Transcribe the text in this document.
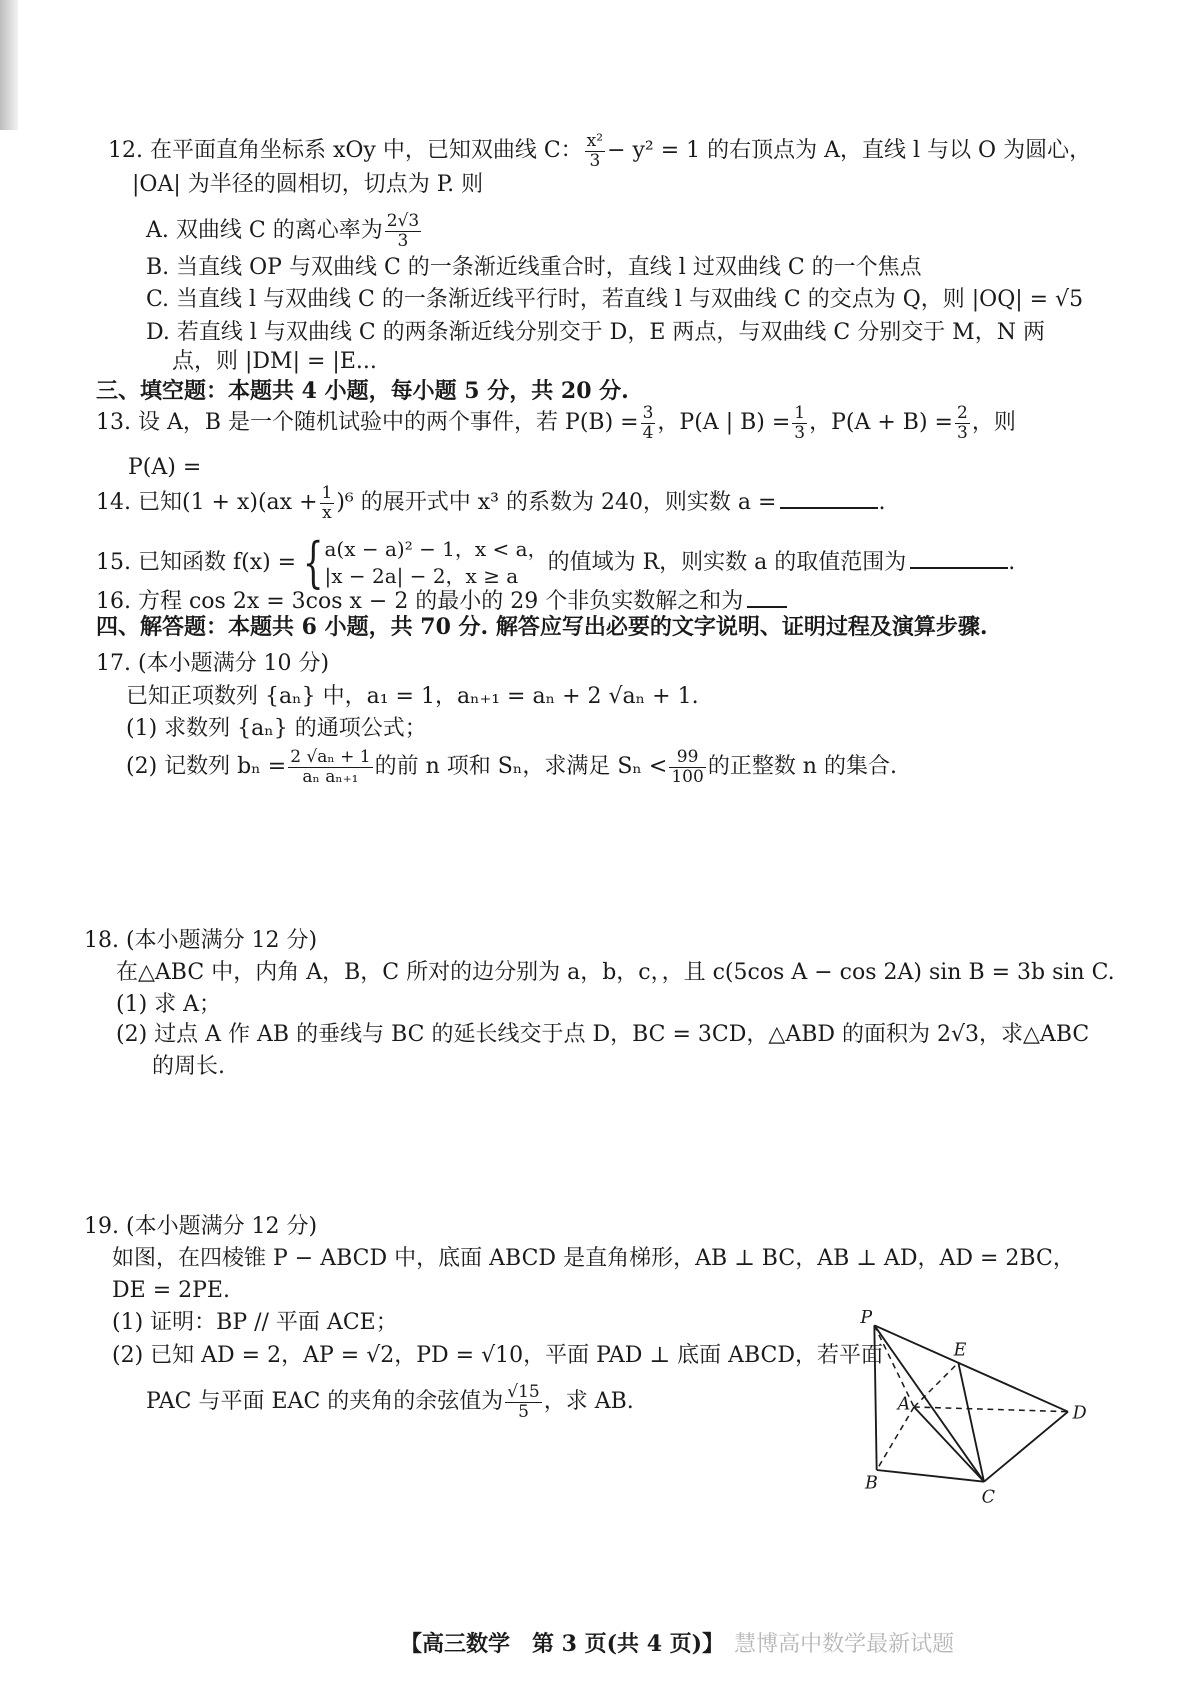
12. 在平面直角坐标系 xOy 中，已知双曲线 C： $\frac{\text{x²}}{3} - y^2 = 1$ 的右顶点为 A，直线 l 与以 O 为圆心，
|OA| 为半径的圆相切，切点为 P. 则
A. 双曲线 C 的离心率为 $\frac{2√3}{3}$
B. 当直线 OP 与双曲线 C 的一条渐近线重合时，直线 l 过双曲线 C 的一个焦点
C. 当直线 l 与双曲线 C 的一条渐近线平行时，若直线 l 与双曲线 C 的交点为 Q，则 |OQ| = √5
D. 若直线 l 与双曲线 C 的两条渐近线分别交于 D，E 两点，与双曲线 C 分别交于 M，N 两
点，则 |DM| = |E...
三、填空题：本题共 4 小题，每小题 5 分，共 20 分.
13. 设 A，B 是一个随机试验中的两个事件，若 $P(B) = \frac{3}{4}$ ，P(A | $B) = \frac{1}{3}$ ，$P(A + B) = \frac{2}{3}$ ，则
P(A) =
14. 已知$(1 + x)(ax + \frac{1}{x} )^6$ 的展开式中 x³ 的系数为 240，则实数 a =	.
15. 已知函数 f(x) = { a(x − a)² − 1，x < a，
|x − 2a| − 2，x ≥ a
的值域为 R，则实数 a 的取值范围为	.
16. 方程 cos 2x = 3cos x − 2 的最小的 29 个非负实数解之和为
四、解答题：本题共 6 小题，共 70 分. 解答应写出必要的文字说明、证明过程及演算步骤.
17. (本小题满分 10 分)
已知正项数列 {aₙ} 中，a₁ = 1，aₙ₊₁ = aₙ + 2 √aₙ + 1.
(1) 求数列 {aₙ} 的通项公式；
(2) 记数列 $b_n = \frac{\text{2 √aₙ + 1}}{\text{aₙ aₙ₊₁}}$ 的前 n 项和 Sₙ，求满足 $S_n < \frac{99}{100}$ 的正整数 n 的集合.
18. (本小题满分 12 分)
在△ABC 中，内角 A，B，C 所对的边分别为 a，b，c，，且 c(5cos A − cos 2A) sin B = 3b sin C.
(1) 求 A；
(2) 过点 A 作 AB 的垂线与 BC 的延长线交于点 D，BC = 3CD，△ABD 的面积为 2√3，求△ABC
的周长.
19. (本小题满分 12 分)
如图，在四棱锥 P − ABCD 中，底面 ABCD 是直角梯形，AB ⊥ BC，AB ⊥ AD，AD = 2BC，
DE = 2PE.
(1) 证明：BP // 平面 ACE；
(2) 已知 AD = 2，AP = √2，PD = √10，平面 PAD ⊥ 底面 ABCD，若平面
PAC 与平面 EAC 的夹角的余弦值为 $\frac{√15}{5}$ ，求 AB.
P
E
A	D
B
C
【高三数学　第 3 页(共 4 页)】 慧博高中数学最新试题
